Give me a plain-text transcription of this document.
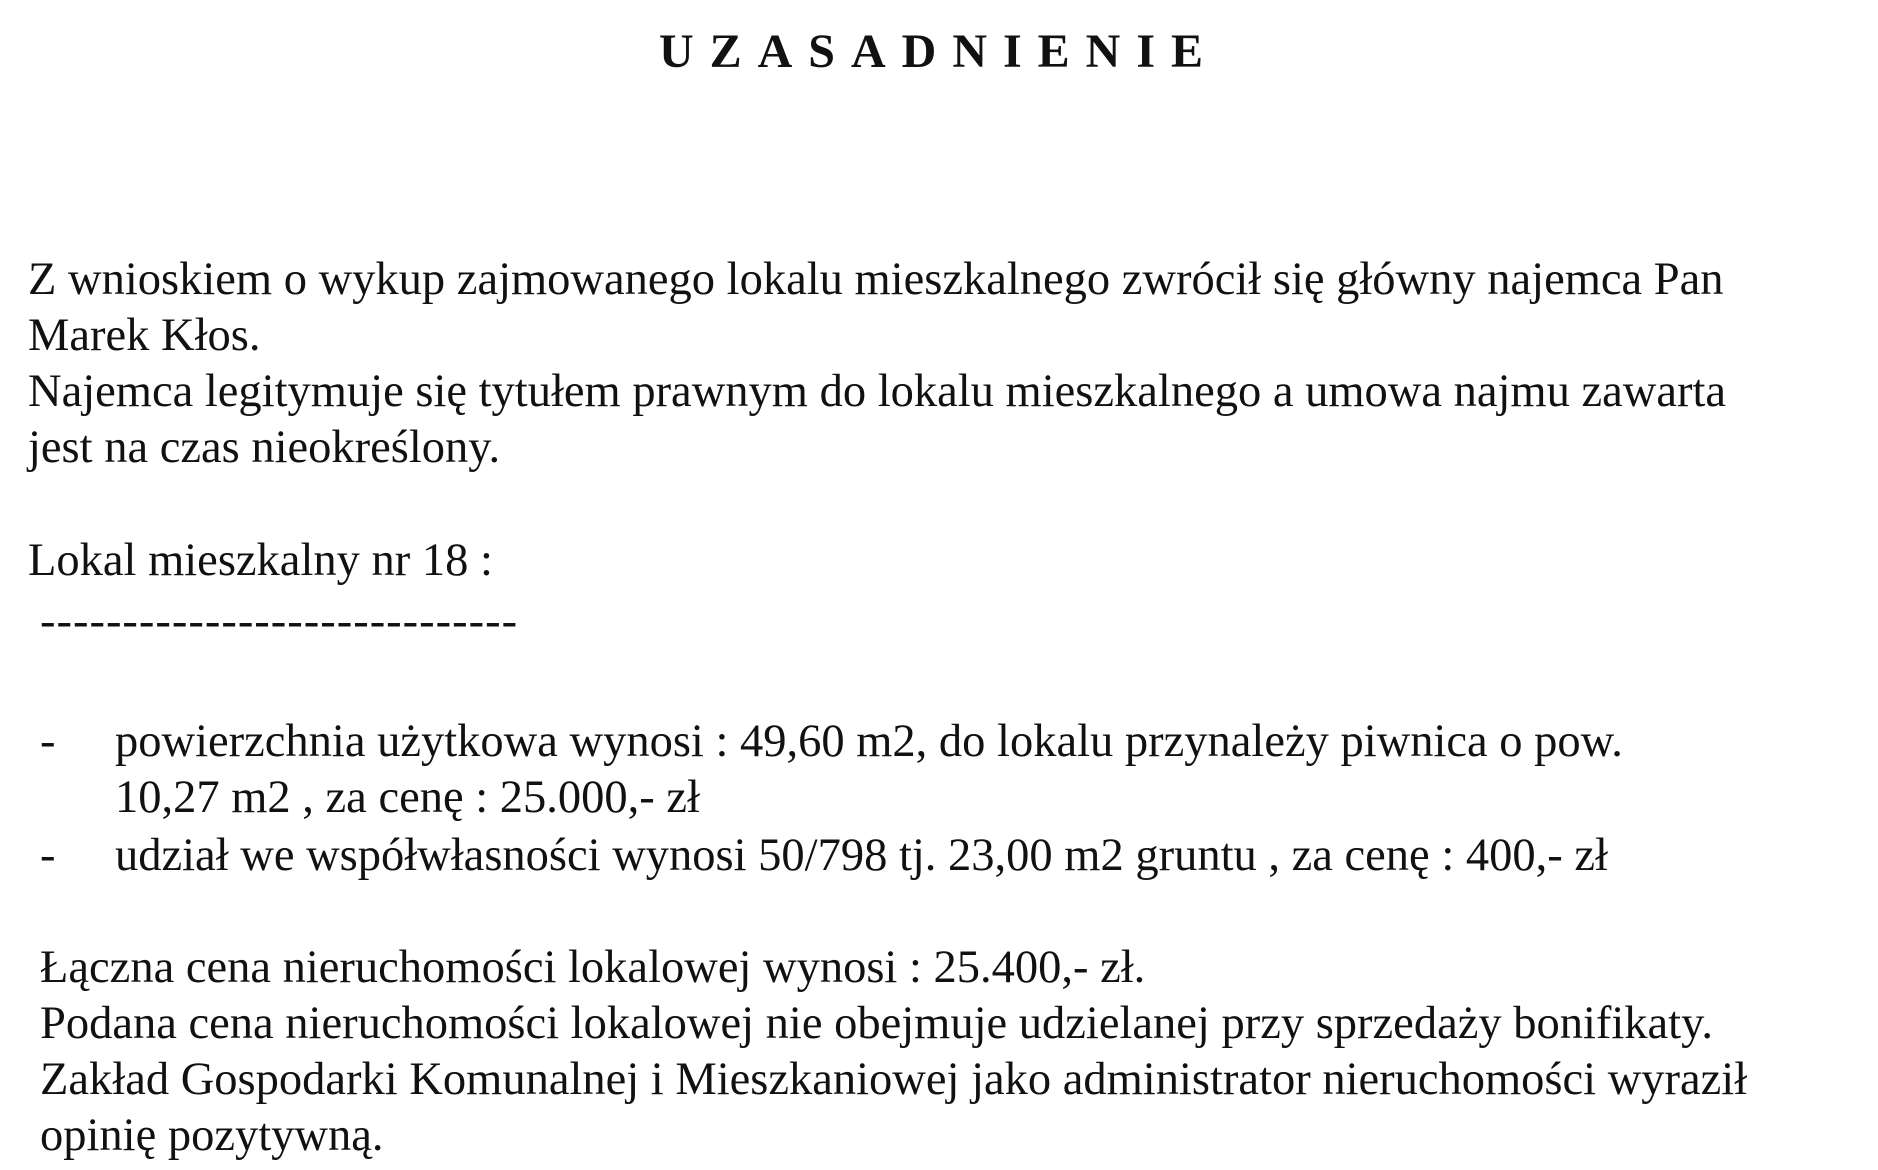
UZASADNIENIE
Z wnioskiem o wykup zajmowanego lokalu mieszkalnego zwrócił się główny najemca Pan
Marek Kłos.
Najemca legitymuje się tytułem prawnym do lokalu mieszkalnego a umowa najmu zawarta
jest na czas nieokreślony.
Lokal mieszkalny nr 18 :
-----------------------------
- powierzchnia użytkowa wynosi : 49,60 m2, do lokalu przynależy piwnica o pow.
10,27 m2 , za cenę : 25.000,- zł
- udział we współwłasności wynosi 50/798 tj. 23,00 m2 gruntu , za cenę : 400,- zł
Łączna cena nieruchomości lokalowej wynosi : 25.400,- zł.
Podana cena nieruchomości lokalowej nie obejmuje udzielanej przy sprzedaży bonifikaty.
Zakład Gospodarki Komunalnej i Mieszkaniowej jako administrator nieruchomości wyraził
opinię pozytywną.
